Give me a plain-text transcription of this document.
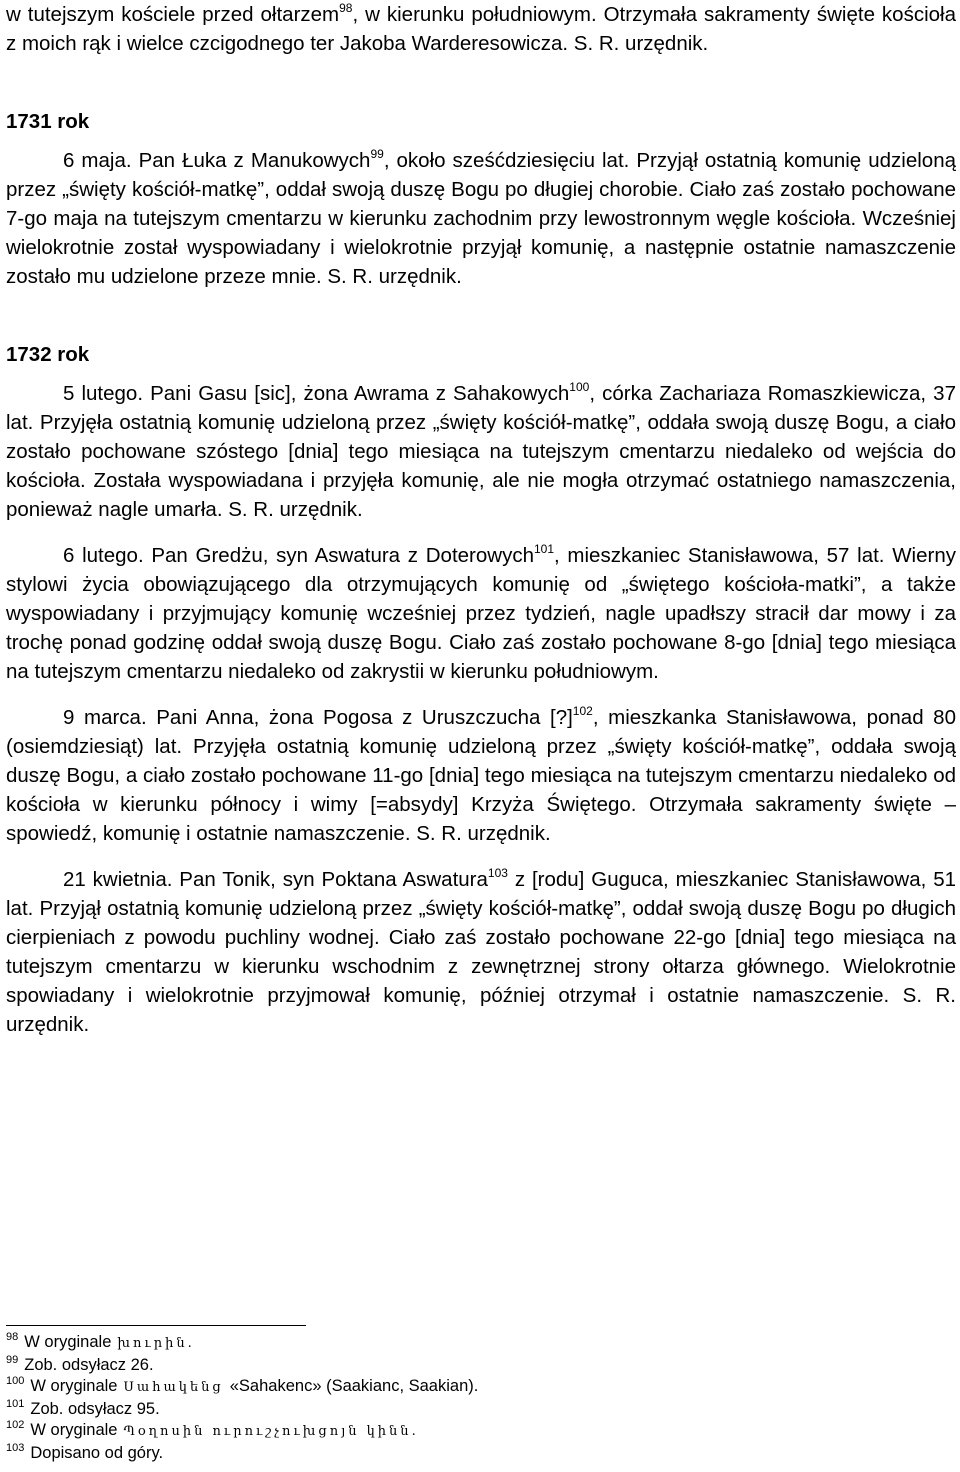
w tutejszym kościele przed ołtarzem$^{98}$, w kierunku południowym. Otrzymała sakramenty święte kościoła z moich rąk i wielce czcigodnego ter Jakoba Warderesowicza. S. R. urzędnik.

1731 rok

6 maja. Pan Łuka z Manukowych$^{99}$, około sześćdziesięciu lat. Przyjął ostatnią komunię udzieloną przez „święty kościół-matkę”, oddał swoją duszę Bogu po długiej chorobie. Ciało zaś zostało pochowane 7-go maja na tutejszym cmentarzu w kierunku zachodnim przy lewostronnym węgle kościoła. Wcześniej wielokrotnie został wyspowiadany i wielokrotnie przyjął komunię, a następnie ostatnie namaszczenie zostało mu udzielone przeze mnie. S. R. urzędnik.

1732 rok

5 lutego. Pani Gasu [sic], żona Awrama z Sahakowych$^{100}$, córka Zachariaza Romaszkiewicza, 37 lat. Przyjęła ostatnią komunię udzieloną przez „święty kościół-matkę”, oddała swoją duszę Bogu, a ciało zostało pochowane szóstego [dnia] tego miesiąca na tutejszym cmentarzu niedaleko od wejścia do kościoła. Została wyspowiadana i przyjęła komunię, ale nie mogła otrzymać ostatniego namaszczenia, ponieważ nagle umarła. S. R. urzędnik.

6 lutego. Pan Gredżu, syn Aswatura z Doterowych$^{101}$, mieszkaniec Stanisławowa, 57 lat. Wierny stylowi życia obowiązującego dla otrzymujących komunię od „świętego kościoła-matki”, a także wyspowiadany i przyjmujący komunię wcześniej przez tydzień, nagle upadłszy stracił dar mowy i za trochę ponad godzinę oddał swoją duszę Bogu. Ciało zaś zostało pochowane 8-go [dnia] tego miesiąca na tutejszym cmentarzu niedaleko od zakrystii w kierunku południowym.

9 marca. Pani Anna, żona Pogosa z Uruszczucha [?]$^{102}$, mieszkanka Stanisławowa, ponad 80 (osiemdziesiąt) lat. Przyjęła ostatnią komunię udzieloną przez „święty kościół-matkę”, oddała swoją duszę Bogu, a ciało zostało pochowane 11-go [dnia] tego miesiąca na tutejszym cmentarzu niedaleko od kościoła w kierunku północy i wimy [=absydy] Krzyża Świętego. Otrzymała sakramenty święte – spowiedź, komunię i ostatnie namaszczenie. S. R. urzędnik.

21 kwietnia. Pan Tonik, syn Poktana Aswatura$^{103}$ z [rodu] Guguca, mieszkaniec Stanisławowa, 51 lat. Przyjął ostatnią komunię udzieloną przez „święty kościół-matkę”, oddał swoją duszę Bogu po długich cierpieniach z powodu puchliny wodnej. Ciało zaś zostało pochowane 22-go [dnia] tego miesiąca na tutejszym cmentarzu w kierunku wschodnim z zewnętrznej strony ołtarza głównego. Wielokrotnie spowiadany i wielokrotnie przyjmował komunię, później otrzymał i ostatnie namaszczenie. S. R. urzędnik.

$^{98}$ W oryginale խուրին.

$^{99}$ Zob. odsyłacz 26.

$^{100}$ W oryginale Սահակենց «Sahakenc» (Saakianc, Saakian).

$^{101}$ Zob. odsyłacz 95.

$^{102}$ W oryginale Պօղոսին ուրուշչուխցոյն կինն.

$^{103}$ Dopisano od góry.
